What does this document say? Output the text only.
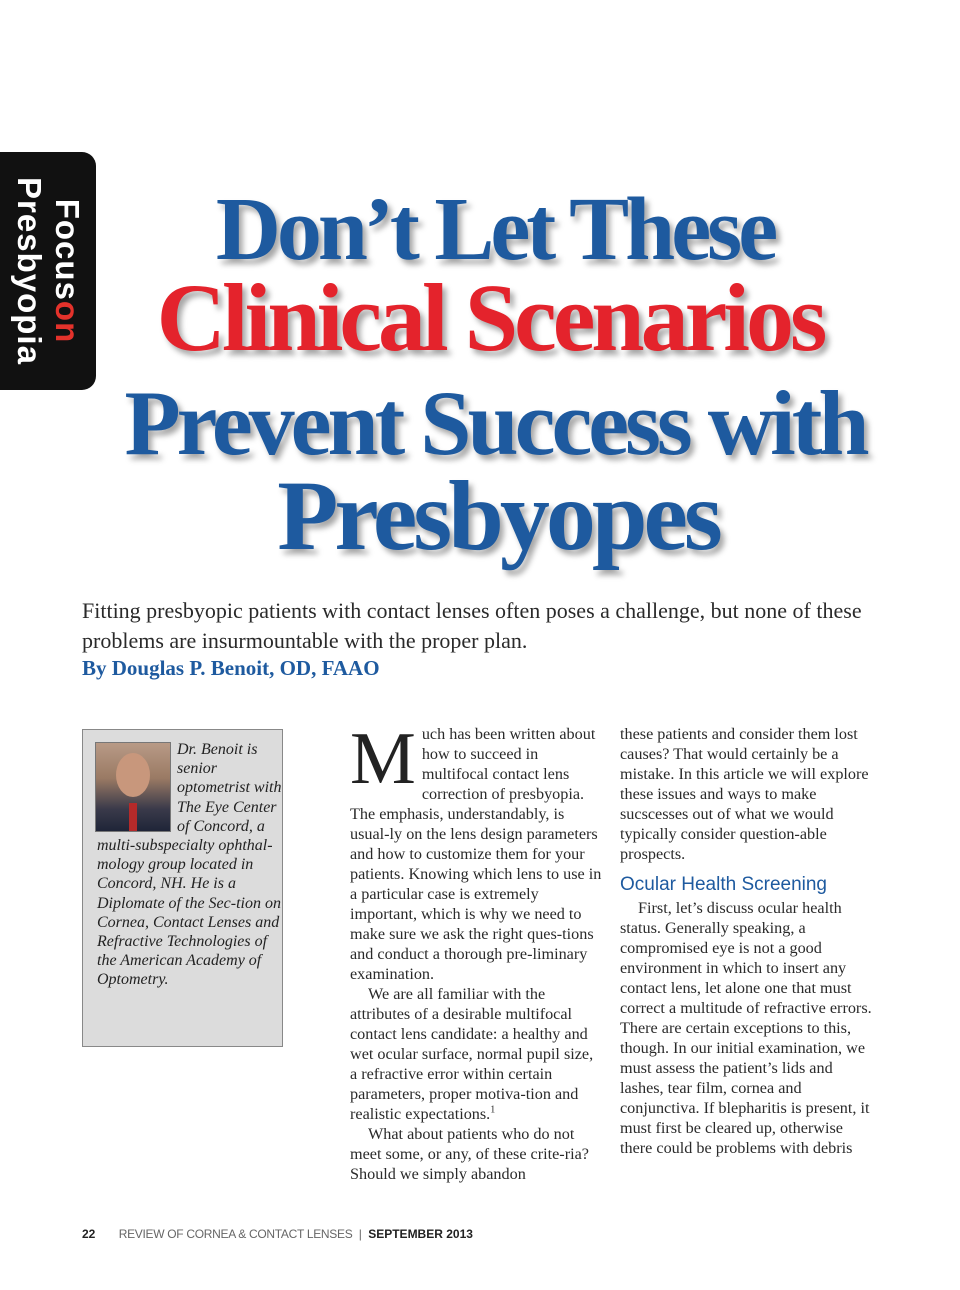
Focuson
Presbyopia	Don’t Let These
Clinical Scenarios
Prevent Success with
Presbyopes
Fitting presbyopic patients with contact lenses often poses a challenge, but none of these problems are insurmountable with the proper plan.
By Douglas P. Benoit, OD, FAAO
Dr. Benoit is senior optometrist with The Eye Center of Concord, a multi-subspecialty ophthal-mology group located in Concord, NH. He is a Diplomate of the Sec-tion on Cornea, Contact Lenses and Refractive Technologies of the American Academy of Optometry.

Much has been written about how to succeed in multifocal contact lens correction of presbyopia. The emphasis, understandably, is usual-ly on the lens design parameters and how to customize them for your patients. Knowing which lens to use in a particular case is extremely important, which is why we need to make sure we ask the right ques-tions and conduct a thorough pre-liminary examination.

We are all familiar with the attributes of a desirable multifocal contact lens candidate: a healthy and wet ocular surface, normal pupil size, a refractive error within certain parameters, proper motiva-tion and realistic expectations.$^1$

What about patients who do not meet some, or any, of these crite-ria? Should we simply abandon

these patients and consider them lost causes? That would certainly be a mistake. In this article we will explore these issues and ways to make sucscesses out of what we would typically consider question-able prospects.

Ocular Health Screening

First, let’s discuss ocular health status. Generally speaking, a compromised eye is not a good environment in which to insert any contact lens, let alone one that must correct a multitude of refractive errors. There are certain exceptions to this, though. In our initial examination, we must assess the patient’s lids and lashes, tear film, cornea and conjunctiva. If blepharitis is present, it must first be cleared up, otherwise there could be problems with debris

22 REVIEW OF CORNEA & CONTACT LENSES | SEPTEMBER 2013
